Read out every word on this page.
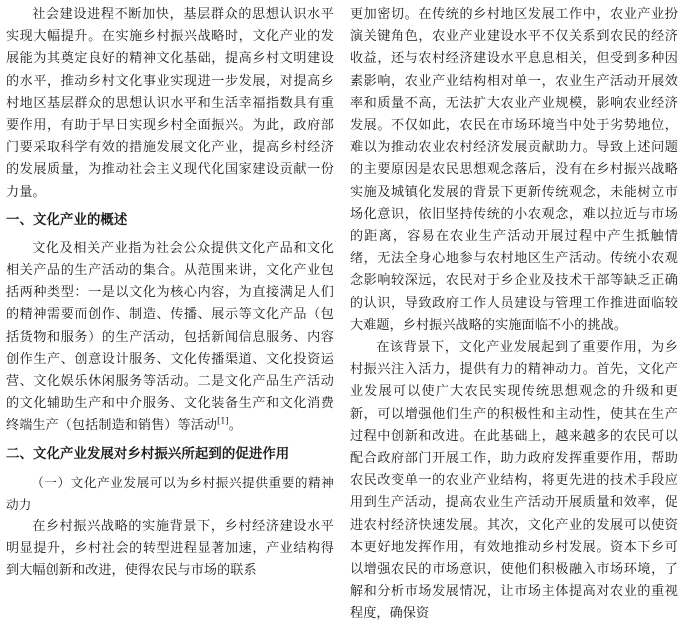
社会建设进程不断加快，基层群众的思想认识水平实现大幅提升。在实施乡村振兴战略时，文化产业的发展能为其奠定良好的精神文化基础，提高乡村文明建设的水平，推动乡村文化事业实现进一步发展，对提高乡村地区基层群众的思想认识水平和生活幸福指数具有重要作用，有助于早日实现乡村全面振兴。为此，政府部门要采取科学有效的措施发展文化产业，提高乡村经济的发展质量，为推动社会主义现代化国家建设贡献一份力量。

一、文化产业的概述

文化及相关产业指为社会公众提供文化产品和文化相关产品的生产活动的集合。从范围来讲，文化产业包括两种类型：一是以文化为核心内容，为直接满足人们的精神需要而创作、制造、传播、展示等文化产品（包括货物和服务）的生产活动，包括新闻信息服务、内容创作生产、创意设计服务、文化传播渠道、文化投资运营、文化娱乐休闲服务等活动。二是文化产品生产活动的文化辅助生产和中介服务、文化装备生产和文化消费终端生产（包括制造和销售）等活动[1]。

二、文化产业发展对乡村振兴所起到的促进作用
（一）文化产业发展可以为乡村振兴提供重要的精神动力

在乡村振兴战略的实施背景下，乡村经济建设水平明显提升，乡村社会的转型进程显著加速，产业结构得到大幅创新和改进，使得农民与市场的联系

更加密切。在传统的乡村地区发展工作中，农业产业扮演关键角色，农业产业建设水平不仅关系到农民的经济收益，还与农村经济建设水平息息相关，但受到多种因素影响，农业产业结构相对单一，农业生产活动开展效率和质量不高，无法扩大农业产业规模，影响农业经济发展。不仅如此，农民在市场环境当中处于劣势地位，难以为推动农业农村经济发展贡献助力。导致上述问题的主要原因是农民思想观念落后，没有在乡村振兴战略实施及城镇化发展的背景下更新传统观念，未能树立市场化意识，依旧坚持传统的小农观念，难以拉近与市场的距离，容易在农业生产活动开展过程中产生抵触情绪，无法全身心地参与农村地区生产活动。传统小农观念影响较深远，农民对于乡企业及技术干部等缺乏正确的认识，导致政府工作人员建设与管理工作推进面临较大难题，乡村振兴战略的实施面临不小的挑战。

在该背景下，文化产业发展起到了重要作用，为乡村振兴注入活力，提供有力的精神动力。首先，文化产业发展可以使广大农民实现传统思想观念的升级和更新，可以增强他们生产的积极性和主动性，使其在生产过程中创新和改进。在此基础上，越来越多的农民可以配合政府部门开展工作，助力政府发挥重要作用，帮助农民改变单一的农业产业结构，将更先进的技术手段应用到生产活动，提高农业生产活动开展质量和效率，促进农村经济快速发展。其次，文化产业的发展可以使资本更好地发挥作用，有效地推动乡村发展。资本下乡可以增强农民的市场意识，使他们积极融入市场环境，了解和分析市场发展情况，让市场主体提高对农业的重视程度，确保资
